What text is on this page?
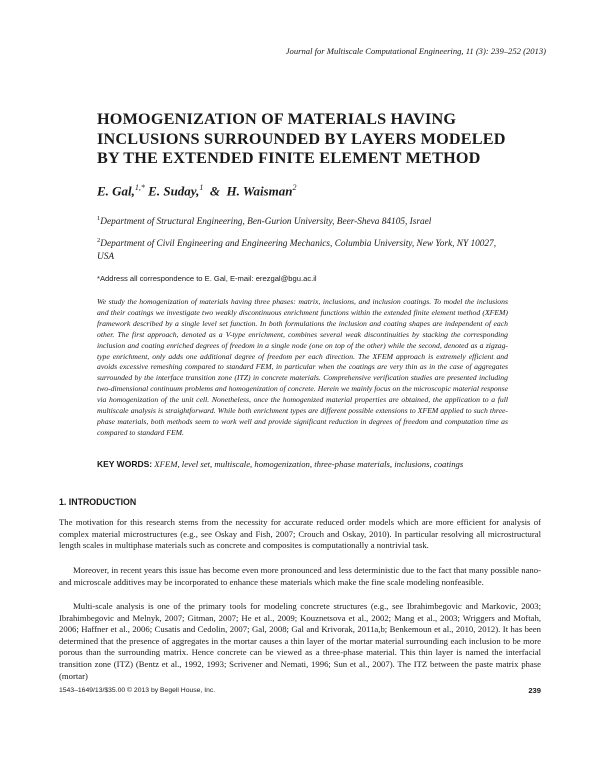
Journal for Multiscale Computational Engineering, 11 (3): 239–252 (2013)
HOMOGENIZATION OF MATERIALS HAVING
INCLUSIONS SURROUNDED BY LAYERS MODELED
BY THE EXTENDED FINITE ELEMENT METHOD
E. Gal,$^{1,*}$ E. Suday,$^1$ & H. Waisman$^2$
$^1$Department of Structural Engineering, Ben-Gurion University, Beer-Sheva 84105, Israel
$^2$Department of Civil Engineering and Engineering Mechanics, Columbia University, New York, NY 10027, USA
*Address all correspondence to E. Gal, E-mail: erezgal@bgu.ac.il
We study the homogenization of materials having three phases: matrix, inclusions, and inclusion coatings. To model the inclusions and their coatings we investigate two weakly discontinuous enrichment functions within the extended finite element method (XFEM) framework described by a single level set function. In both formulations the inclusion and coating shapes are independent of each other. The first approach, denoted as a V-type enrichment, combines several weak discontinuities by stacking the corresponding inclusion and coating enriched degrees of freedom in a single node (one on top of the other) while the second, denoted as a zigzag-type enrichment, only adds one additional degree of freedom per each direction. The XFEM approach is extremely efficient and avoids excessive remeshing compared to standard FEM, in particular when the coatings are very thin as in the case of aggregates surrounded by the interface transition zone (ITZ) in concrete materials. Comprehensive verification studies are presented including two-dimensional continuum problems and homogenization of concrete. Herein we mainly focus on the microscopic material response via homogenization of the unit cell. Nonetheless, once the homogenized material properties are obtained, the application to a full multiscale analysis is straightforward. While both enrichment types are different possible extensions to XFEM applied to such three-phase materials, both methods seem to work well and provide significant reduction in degrees of freedom and computation time as compared to standard FEM.
KEY WORDS: XFEM, level set, multiscale, homogenization, three-phase materials, inclusions, coatings
1. INTRODUCTION
The motivation for this research stems from the necessity for accurate reduced order models which are more efficient for analysis of complex material microstructures (e.g., see Oskay and Fish, 2007; Crouch and Oskay, 2010). In particular resolving all microstructural length scales in multiphase materials such as concrete and composites is computationally a nontrivial task.
Moreover, in recent years this issue has become even more pronounced and less deterministic due to the fact that many possible nano- and microscale additives may be incorporated to enhance these materials which make the fine scale modeling nonfeasible.
Multi-scale analysis is one of the primary tools for modeling concrete structures (e.g., see Ibrahimbegovic and Markovic, 2003; Ibrahimbegovic and Melnyk, 2007; Gitman, 2007; He et al., 2009; Kouznetsova et al., 2002; Mang et al., 2003; Wriggers and Moftah, 2006; Haffner et al., 2006; Cusatis and Cedolin, 2007; Gal, 2008; Gal and Krivorak, 2011a,b; Benkemoun et al., 2010, 2012). It has been determined that the presence of aggregates in the mortar causes a thin layer of the mortar material surrounding each inclusion to be more porous than the surrounding matrix. Hence concrete can be viewed as a three-phase material. This thin layer is named the interfacial transition zone (ITZ) (Bentz et al., 1992, 1993; Scrivener and Nemati, 1996; Sun et al., 2007). The ITZ between the paste matrix phase (mortar)
1543–1649/13/$35.00 © 2013 by Begell House, Inc.	239
